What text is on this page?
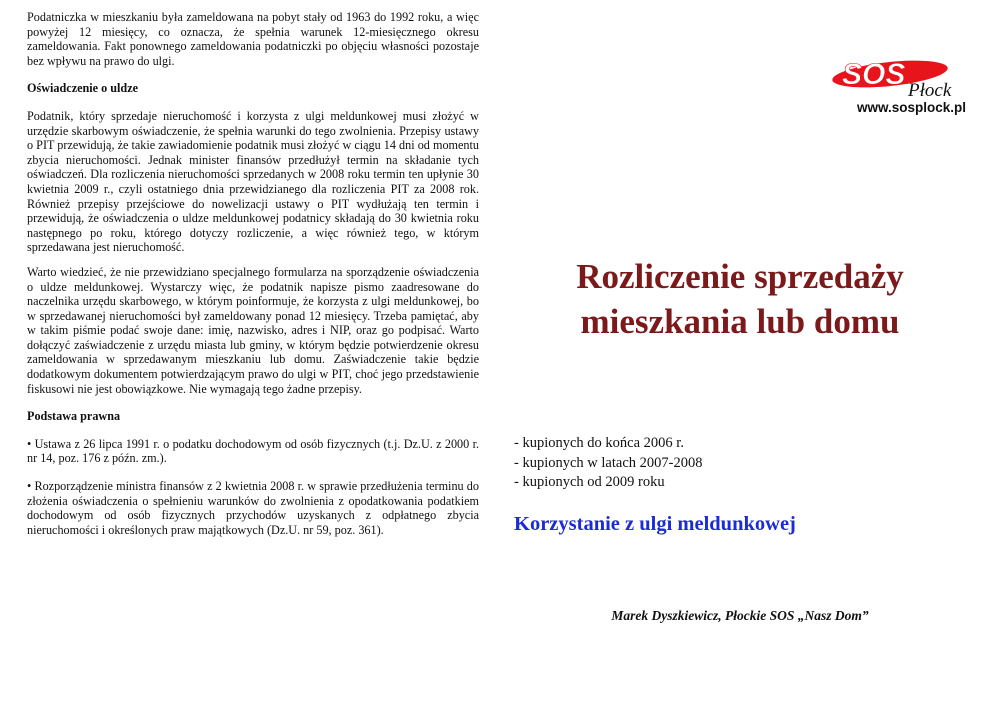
Podatniczka w mieszkaniu była zameldowana na pobyt stały od 1963 do 1992 roku, a więc powyżej 12 miesięcy, co oznacza, że spełnia warunek 12-miesięcznego okresu zameldowania. Fakt ponownego zameldowania podatniczki po objęciu własności pozostaje bez wpływu na prawo do ulgi.

Oświadczenie o uldze

Podatnik, który sprzedaje nieruchomość i korzysta z ulgi meldunkowej musi złożyć w urzędzie skarbowym oświadczenie, że spełnia warunki do tego zwolnienia. Przepisy ustawy o PIT przewidują, że takie zawiadomienie podatnik musi złożyć w ciągu 14 dni od momentu zbycia nieruchomości. Jednak minister finansów przedłużył termin na składanie tych oświadczeń. Dla rozliczenia nieruchomości sprzedanych w 2008 roku termin ten upłynie 30 kwietnia 2009 r., czyli ostatniego dnia przewidzianego dla rozliczenia PIT za 2008 rok. Również przepisy przejściowe do nowelizacji ustawy o PIT wydłużają ten termin i przewidują, że oświadczenia o uldze meldunkowej podatnicy składają do 30 kwietnia roku następnego po roku, którego dotyczy rozliczenie, a więc również tego, w którym sprzedawana jest nieruchomość.

Warto wiedzieć, że nie przewidziano specjalnego formularza na sporządzenie oświadczenia o uldze meldunkowej. Wystarczy więc, że podatnik napisze pismo zaadresowane do naczelnika urzędu skarbowego, w którym poinformuje, że korzysta z ulgi meldunkowej, bo w sprzedawanej nieruchomości był zameldowany ponad 12 miesięcy. Trzeba pamiętać, aby w takim piśmie podać swoje dane: imię, nazwisko, adres i NIP, oraz go podpisać. Warto dołączyć zaświadczenie z urzędu miasta lub gminy, w którym będzie potwierdzenie okresu zameldowania w sprzedawanym mieszkaniu lub domu. Zaświadczenie takie będzie dodatkowym dokumentem potwierdzającym prawo do ulgi w PIT, choć jego przedstawienie fiskusowi nie jest obowiązkowe. Nie wymagają tego żadne przepisy.

Podstawa prawna

• Ustawa z 26 lipca 1991 r. o podatku dochodowym od osób fizycznych (t.j. Dz.U. z 2000 r. nr 14, poz. 176 z późn. zm.).

• Rozporządzenie ministra finansów z 2 kwietnia 2008 r. w sprawie przedłużenia terminu do złożenia oświadczenia o spełnieniu warunków do zwolnienia z opodatkowania podatkiem dochodowym od osób fizycznych przychodów uzyskanych z odpłatnego zbycia nieruchomości i określonych praw majątkowych (Dz.U. nr 59, poz. 361).

SOS Płock
www.sosplock.pl
Rozliczenie sprzedaży
mieszkania lub domu
- kupionych do końca 2006 r.
- kupionych w latach 2007-2008
- kupionych od 2009 roku
Korzystanie z ulgi meldunkowej

Marek Dyszkiewicz, Płockie SOS „Nasz Dom”
